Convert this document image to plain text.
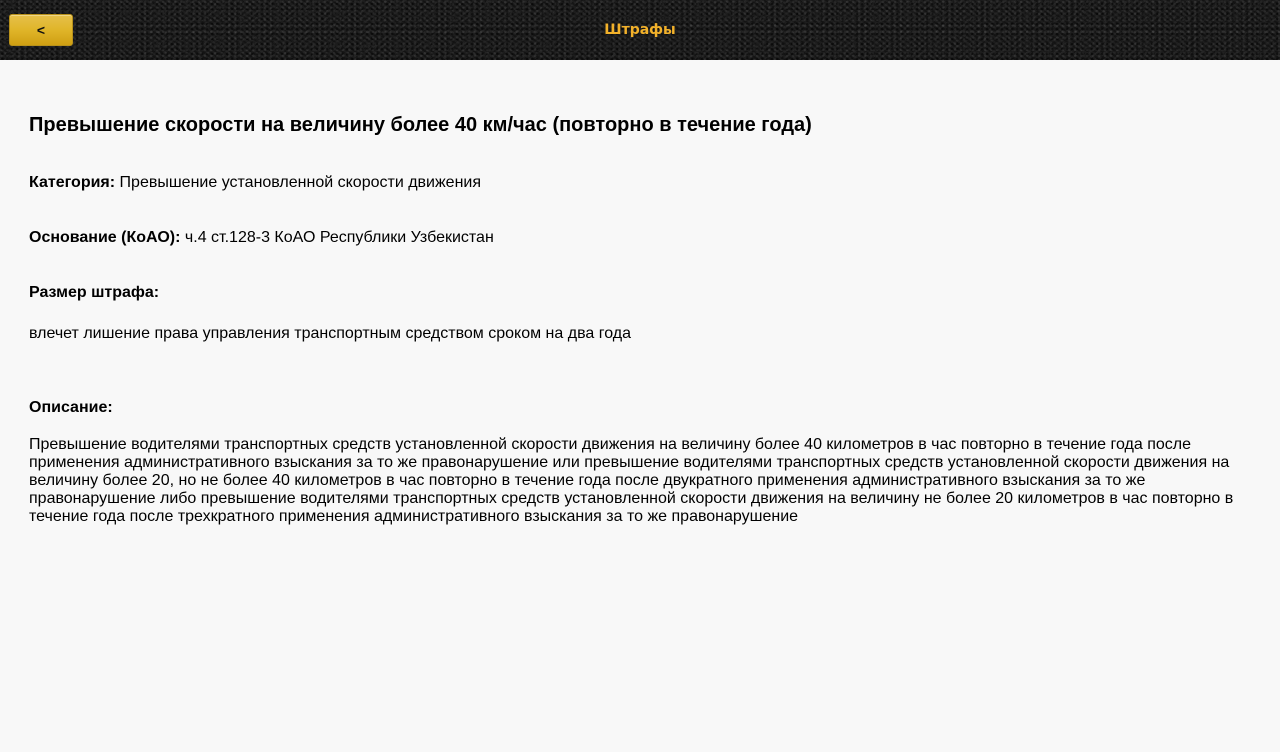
Штрафы
<
Превышение скорости на величину более 40 км/час (повторно в течение года)
Категория: Превышение установленной скорости движения
Основание (КоАО): ч.4 ст.128-3 КоАО Республики Узбекистан
Размер штрафа:
влечет лишение права управления транспортным средством сроком на два года
Описание:
Превышение водителями транспортных средств установленной скорости движения на величину более 40 километров в час повторно в течение года после применения административного взыскания за то же правонарушение или превышение водителями транспортных средств установленной скорости движения на величину более 20, но не более 40 километров в час повторно в течение года после двукратного применения административного взыскания за то же правонарушение либо превышение водителями транспортных средств установленной скорости движения на величину не более 20 километров в час повторно в течение года после трехкратного применения административного взыскания за то же правонарушение
